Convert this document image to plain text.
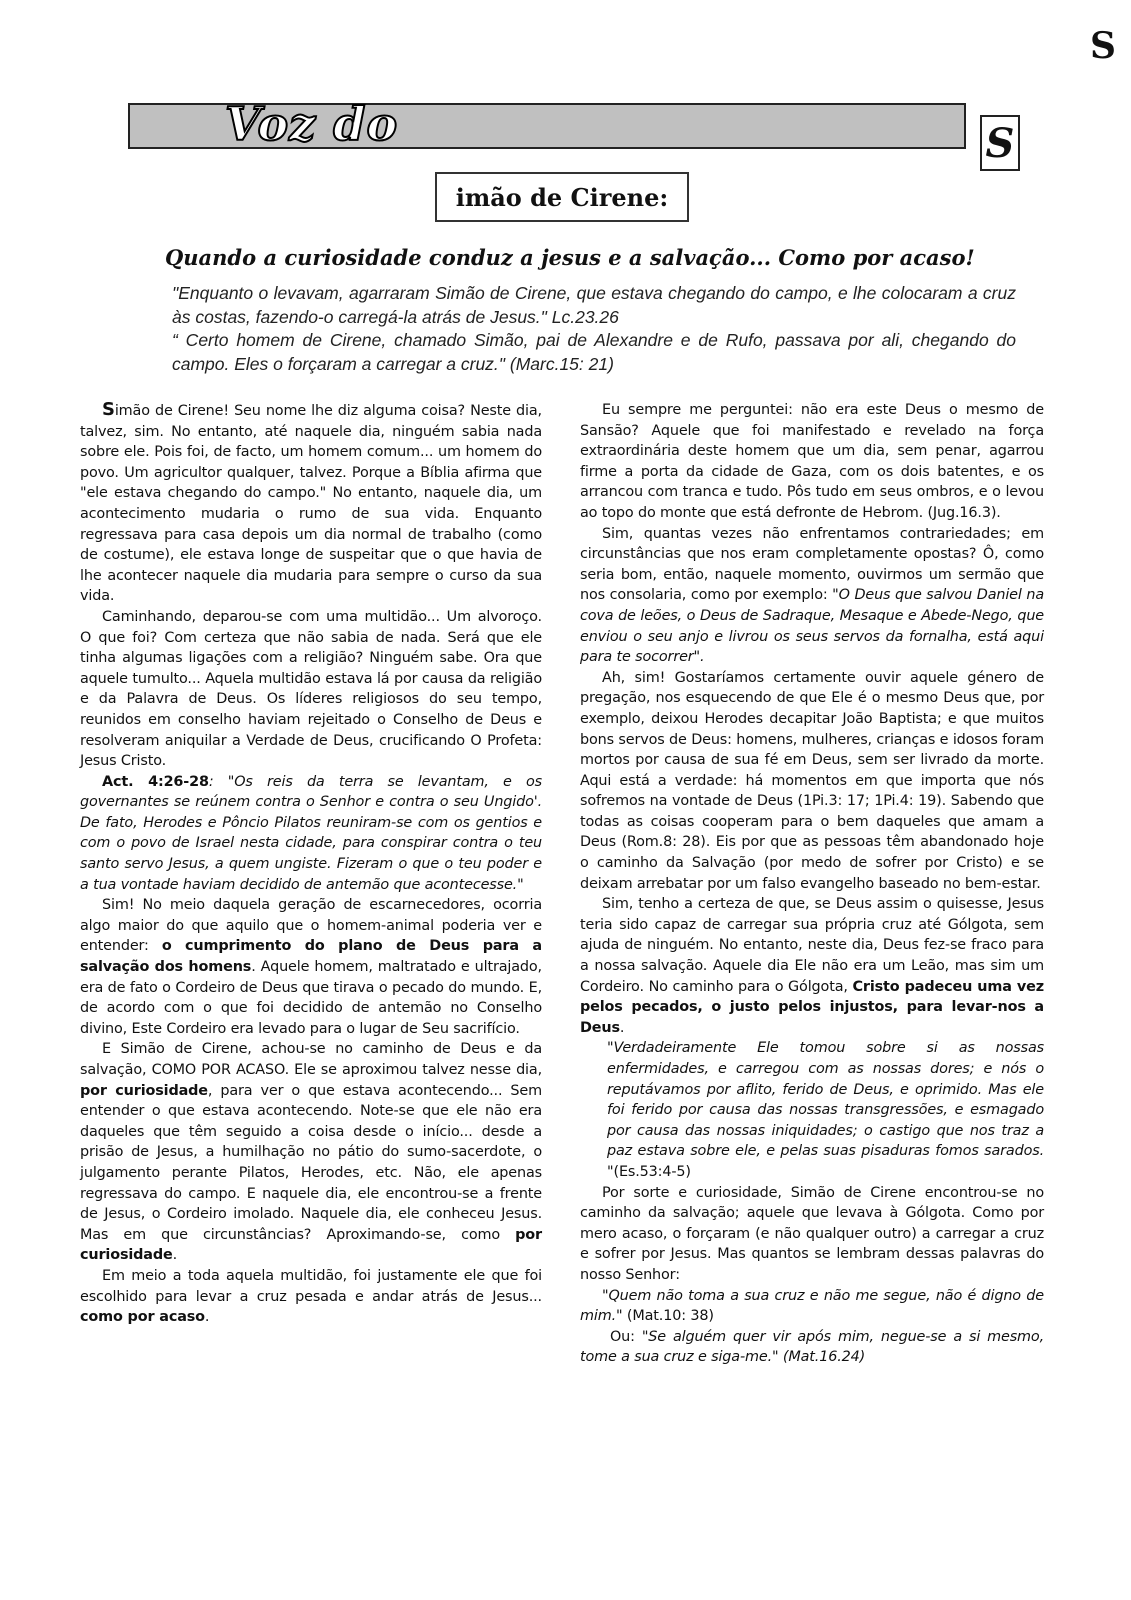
S
Voz do	S
imão de Cirene:
Quando a curiosidade conduz a jesus e a salvação... Como por acaso!

"Enquanto o levavam, agarraram Simão de Cirene, que estava chegando do campo, e lhe colocaram a cruz às costas, fazendo-o carregá-la atrás de Jesus." Lc.23.26

“ Certo homem de Cirene, chamado Simão, pai de Alexandre e de Rufo, passava por ali, chegando do campo. Eles o forçaram a carregar a cruz." (Marc.15: 21)

Simão de Cirene! Seu nome lhe diz alguma coisa? Neste dia, talvez, sim. No entanto, até naquele dia, ninguém sabia nada sobre ele. Pois foi, de facto, um homem comum... um homem do povo. Um agricultor qualquer, talvez. Porque a Bíblia afirma que "ele estava chegando do campo." No entanto, naquele dia, um acontecimento mudaria o rumo de sua vida. Enquanto regressava para casa depois um dia normal de trabalho (como de costume), ele estava longe de suspeitar que o que havia de lhe acontecer naquele dia mudaria para sempre o curso da sua vida.

Caminhando, deparou-se com uma multidão... Um alvoroço. O que foi? Com certeza que não sabia de nada. Será que ele tinha algumas ligações com a religião? Ninguém sabe. Ora que aquele tumulto... Aquela multidão estava lá por causa da religião e da Palavra de Deus. Os líderes religiosos do seu tempo, reunidos em conselho haviam rejeitado o Conselho de Deus e resolveram aniquilar a Verdade de Deus, crucificando O Profeta: Jesus Cristo.

Act. 4:26-28: "Os reis da terra se levantam, e os governantes se reúnem contra o Senhor e contra o seu Ungido'. De fato, Herodes e Pôncio Pilatos reuniram-se com os gentios e com o povo de Israel nesta cidade, para conspirar contra o teu santo servo Jesus, a quem ungiste. Fizeram o que o teu poder e a tua vontade haviam decidido de antemão que acontecesse."

Sim! No meio daquela geração de escarnecedores, ocorria algo maior do que aquilo que o homem-animal poderia ver e entender: o cumprimento do plano de Deus para a salvação dos homens. Aquele homem, maltratado e ultrajado, era de fato o Cordeiro de Deus que tirava o pecado do mundo. E, de acordo com o que foi decidido de antemão no Conselho divino, Este Cordeiro era levado para o lugar de Seu sacrifício.

E Simão de Cirene, achou-se no caminho de Deus e da salvação, COMO POR ACASO. Ele se aproximou talvez nesse dia, por curiosidade, para ver o que estava acontecendo... Sem entender o que estava acontecendo. Note-se que ele não era daqueles que têm seguido a coisa desde o início... desde a prisão de Jesus, a humilhação no pátio do sumo-sacerdote, o julgamento perante Pilatos, Herodes, etc. Não, ele apenas regressava do campo. E naquele dia, ele encontrou-se a frente de Jesus, o Cordeiro imolado. Naquele dia, ele conheceu Jesus. Mas em que circunstâncias? Aproximando-se, como por curiosidade.

Em meio a toda aquela multidão, foi justamente ele que foi escolhido para levar a cruz pesada e andar atrás de Jesus... como por acaso.

Eu sempre me perguntei: não era este Deus o mesmo de Sansão? Aquele que foi manifestado e revelado na força extraordinária deste homem que um dia, sem penar, agarrou firme a porta da cidade de Gaza, com os dois batentes, e os arrancou com tranca e tudo. Pôs tudo em seus ombros, e o levou ao topo do monte que está defronte de Hebrom. (Jug.16.3).

Sim, quantas vezes não enfrentamos contrariedades; em circunstâncias que nos eram completamente opostas? Ô, como seria bom, então, naquele momento, ouvirmos um sermão que nos consolaria, como por exemplo: "O Deus que salvou Daniel na cova de leões, o Deus de Sadraque, Mesaque e Abede-Nego, que enviou o seu anjo e livrou os seus servos da fornalha, está aqui para te socorrer".

Ah, sim! Gostaríamos certamente ouvir aquele género de pregação, nos esquecendo de que Ele é o mesmo Deus que, por exemplo, deixou Herodes decapitar João Baptista; e que muitos bons servos de Deus: homens, mulheres, crianças e idosos foram mortos por causa de sua fé em Deus, sem ser livrado da morte. Aqui está a verdade: há momentos em que importa que nós sofremos na vontade de Deus (1Pi.3: 17; 1Pi.4: 19). Sabendo que todas as coisas cooperam para o bem daqueles que amam a Deus (Rom.8: 28). Eis por que as pessoas têm abandonado hoje o caminho da Salvação (por medo de sofrer por Cristo) e se deixam arrebatar por um falso evangelho baseado no bem-estar.

Sim, tenho a certeza de que, se Deus assim o quisesse, Jesus teria sido capaz de carregar sua própria cruz até Gólgota, sem ajuda de ninguém. No entanto, neste dia, Deus fez-se fraco para a nossa salvação. Aquele dia Ele não era um Leão, mas sim um Cordeiro. No caminho para o Gólgota, Cristo padeceu uma vez pelos pecados, o justo pelos injustos, para levar-nos a Deus.

"Verdadeiramente Ele tomou sobre si as nossas enfermidades, e carregou com as nossas dores; e nós o reputávamos por aflito, ferido de Deus, e oprimido. Mas ele foi ferido por causa das nossas transgressões, e esmagado por causa das nossas iniquidades; o castigo que nos traz a paz estava sobre ele, e pelas suas pisaduras fomos sarados. "(Es.53:4-5)

Por sorte e curiosidade, Simão de Cirene encontrou-se no caminho da salvação; aquele que levava à Gólgota. Como por mero acaso, o forçaram (e não qualquer outro) a carregar a cruz e sofrer por Jesus. Mas quantos se lembram dessas palavras do nosso Senhor:

"Quem não toma a sua cruz e não me segue, não é digno de mim." (Mat.10: 38)

Ou: "Se alguém quer vir após mim, negue-se a si mesmo, tome a sua cruz e siga-me." (Mat.16.24)
